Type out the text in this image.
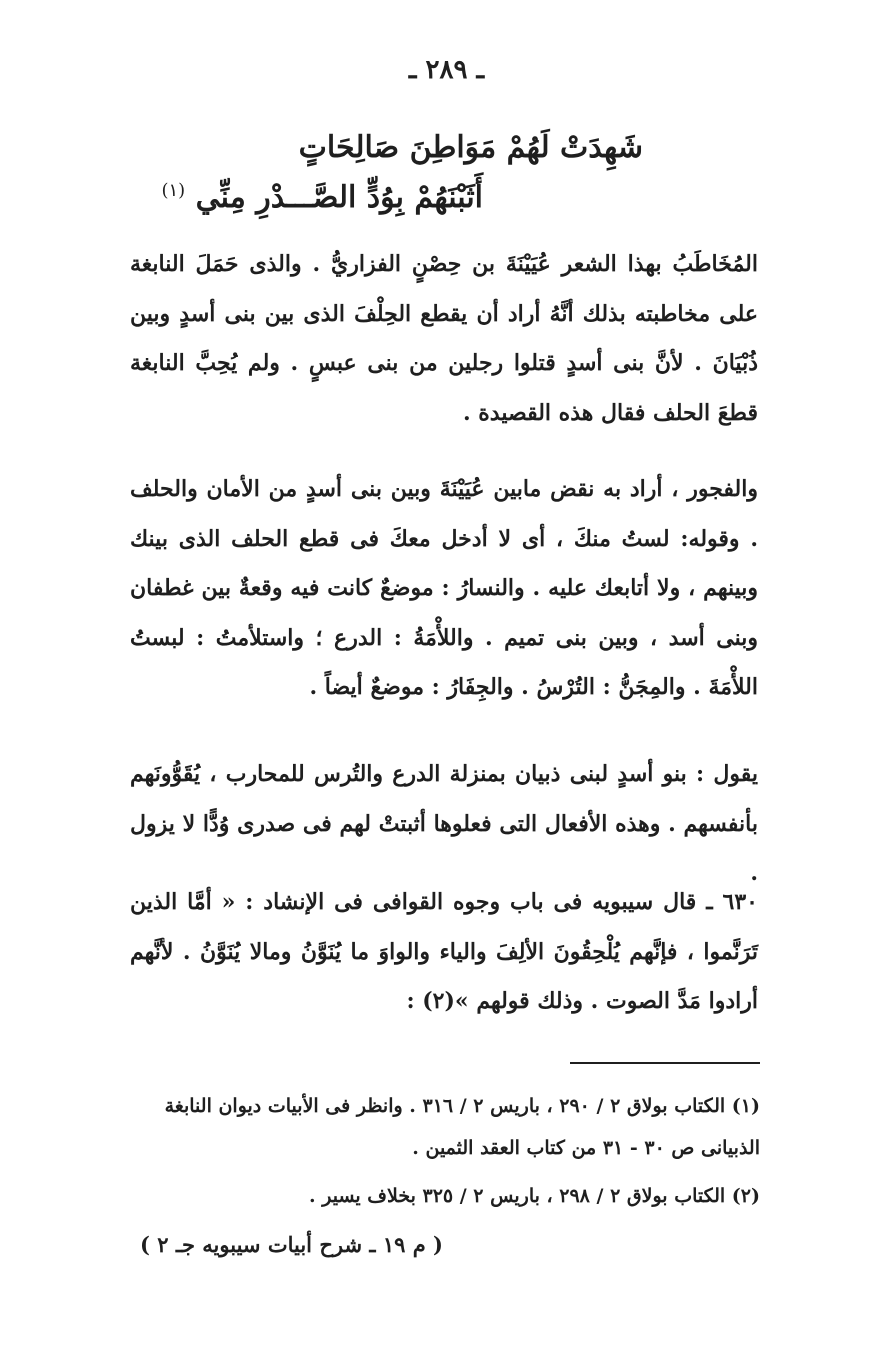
ـ ٢٨٩ ـ
شَهِدَتْ لَهُمْ مَوَاطِنَ صَالِحَاتٍ
أَثَبْنَهُمْ بِوُدٍّ الصَّـــدْرِ مِنِّي $^{(١)}$

المُخَاطَبُ بهذا الشعر عُيَيْنَةَ بن حِصْنٍ الفزاريُّ . والذى حَمَلَ النابغة على مخاطبته بذلك أنَّهُ أراد أن يقطع الحِلْفَ الذى بين بنى أسدٍ وبين ذُبْيَانَ . لأنَّ بنى أسدٍ قتلوا رجلين من بنى عبسٍ . ولم يُحِبَّ النابغة قطعَ الحلف فقال هذه القصيدة .

والفجور ، أراد به نقض مابين عُيَيْنَةَ وبين بنى أسدٍ من الأمان والحلف . وقوله: لستُ منكَ ، أى لا أدخل معكَ فى قطع الحلف الذى بينك وبينهم ، ولا أتابعك عليه . والنسارُ : موضعٌ كانت فيه وقعةٌ بين غطفان وبنى أسد ، وبين بنى تميم . واللأْمَةُ : الدرع ؛ واستلأمتُ : لبستُ اللأْمَةَ . والمِجَنُّ : التُرْسُ . والجِفَارُ : موضعٌ أيضاً .

يقول : بنو أسدٍ لبنى ذبيان بمنزلة الدرع والتُرس للمحارب ، يُقَوُّونَهم بأنفسهم . وهذه الأفعال التى فعلوها أثبتتْ لهم فى صدرى وُدًّا لا يزول .

٦٣٠ ـ قال سيبويه فى باب وجوه القوافى فى الإنشاد : « أمَّا الذين تَرَنَّموا ، فإنَّهم يُلْحِقُونَ الألِفَ والياء والواوَ ما يُنَوَّنُ ومالا يُنَوَّنُ . لأنَّهم أرادوا مَدَّ الصوت . وذلك قولهم »(٢) :

(١) الكتاب بولاق ٢ / ٢٩٠ ، باريس ٢ / ٣١٦ . وانظر فى الأبيات ديوان النابغة الذبيانى ص ٣٠ - ٣١ من كتاب العقد الثمين .

(٢) الكتاب بولاق ٢ / ٢٩٨ ، باريس ٢ / ٣٢٥ بخلاف يسير .

( م ١٩ ـ شرح أبيات سيبويه جـ ٢ )
